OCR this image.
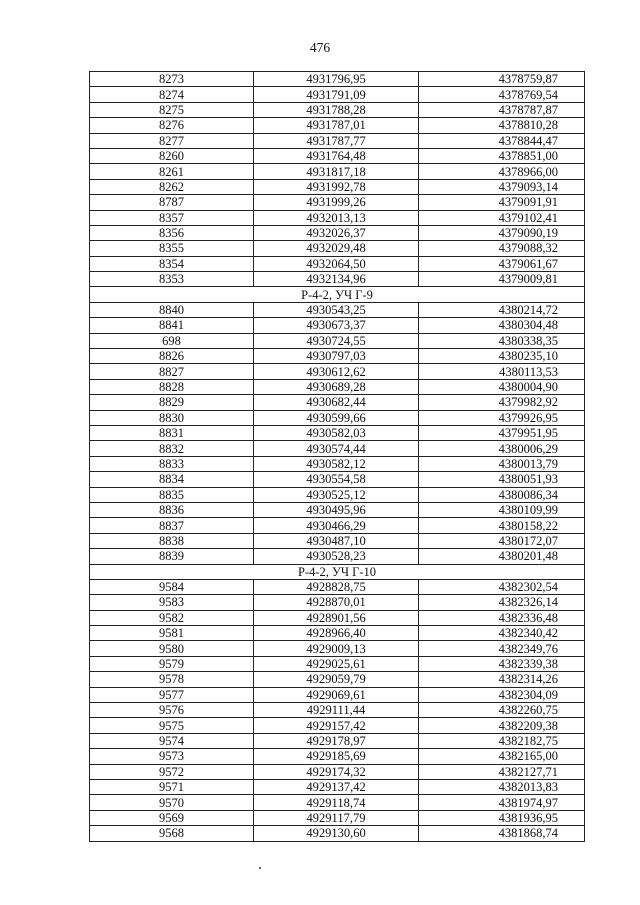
476
8273	4931796,95	4378759,87
8274	4931791,09	4378769,54
8275	4931788,28	4378787,87
8276	4931787,01	4378810,28
8277	4931787,77	4378844,47
8260	4931764,48	4378851,00
8261	4931817,18	4378966,00
8262	4931992,78	4379093,14
8787	4931999,26	4379091,91
8357	4932013,13	4379102,41
8356	4932026,37	4379090,19
8355	4932029,48	4379088,32
8354	4932064,50	4379061,67
8353	4932134,96	4379009,81
Р-4-2, УЧ Г-9		
8840	4930543,25	4380214,72
8841	4930673,37	4380304,48
698	4930724,55	4380338,35
8826	4930797,03	4380235,10
8827	4930612,62	4380113,53
8828	4930689,28	4380004,90
8829	4930682,44	4379982,92
8830	4930599,66	4379926,95
8831	4930582,03	4379951,95
8832	4930574,44	4380006,29
8833	4930582,12	4380013,79
8834	4930554,58	4380051,93
8835	4930525,12	4380086,34
8836	4930495,96	4380109,99
8837	4930466,29	4380158,22
8838	4930487,10	4380172,07
8839	4930528,23	4380201,48
Р-4-2, УЧ Г-10		
9584	4928828,75	4382302,54
9583	4928870,01	4382326,14
9582	4928901,56	4382336,48
9581	4928966,40	4382340,42
9580	4929009,13	4382349,76
9579	4929025,61	4382339,38
9578	4929059,79	4382314,26
9577	4929069,61	4382304,09
9576	4929111,44	4382260,75
9575	4929157,42	4382209,38
9574	4929178,97	4382182,75
9573	4929185,69	4382165,00
9572	4929174,32	4382127,71
9571	4929137,42	4382013,83
9570	4929118,74	4381974,97
9569	4929117,79	4381936,95
9568	4929130,60	4381868,74
